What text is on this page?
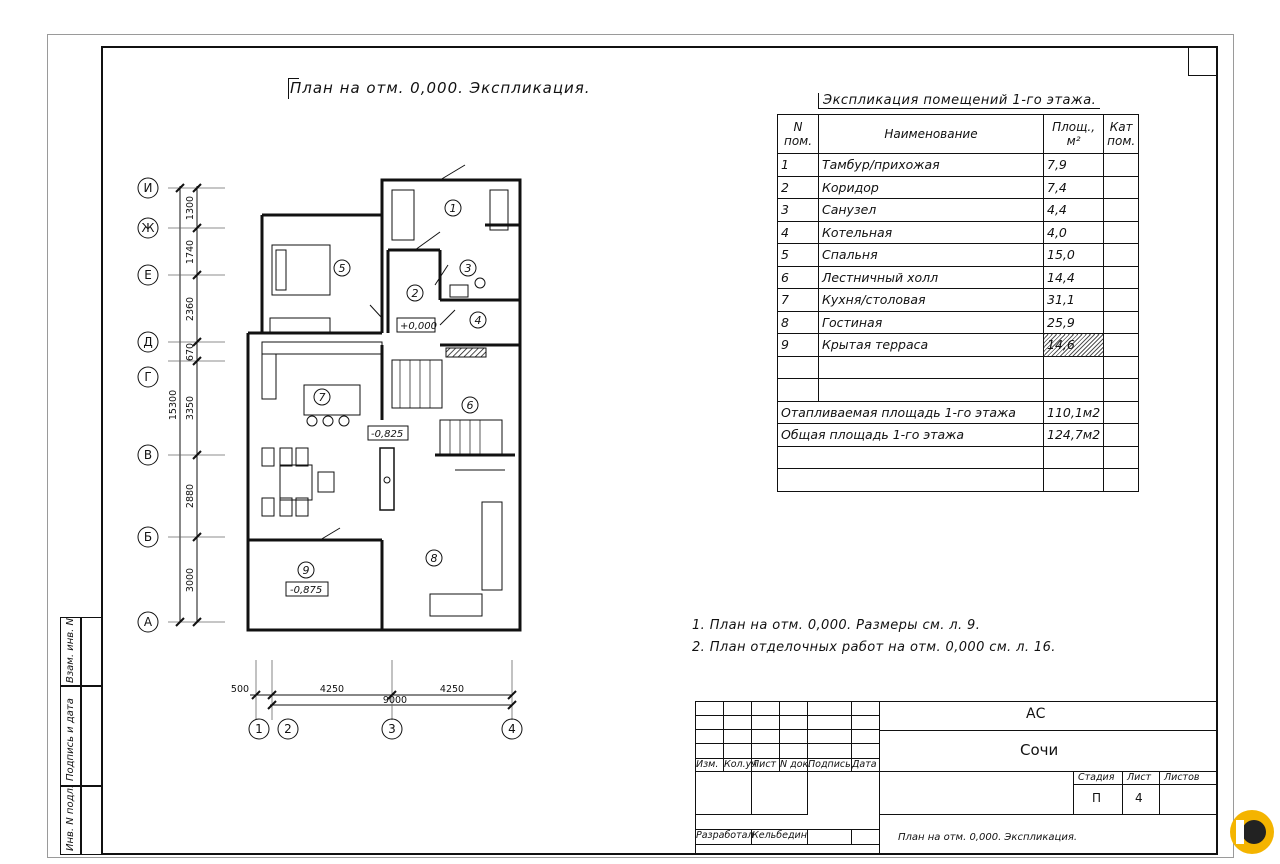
План на отм. 0,000. Экспликация.
Экспликация помещений 1-го этажа.
N пом.	Наименование	Площ., м²	Кат пом.
1	Тамбур/прихожая	7,9	
2	Коридор	7,4	
3	Санузел	4,4	
4	Котельная	4,0	
5	Спальня	15,0	
6	Лестничный холл	14,4	
7	Кухня/столовая	31,1	
8	Гостиная	25,9	
9	Крытая терраса	14,6	

Отапливаемая площадь 1-го этажа		110,1м2	
Общая площадь 1-го этажа		124,7м2	

1. План на отм. 0,000. Размеры см. л. 9.
2. План отделочных работ на отм. 0,000 см. л. 16.
1
2
3
4
5
6
7
8
9
+0,000
-0,825
-0,875
И
Ж
Е
Д
Г
В
Б
А
1 2	3	4
1300
1740
2360
670
3350
2880
3000
15300
500	4250	4250
9000
Изм. Кол.уч
Лист N док.
Подпись Дата
Разработал
Кельбедин
АС
Сочи
Стадия	Лист	Листов
П	4
План на отм. 0,000. Экспликация.
Взам. инв. N
Подпись и дата
Инв. N подл.
